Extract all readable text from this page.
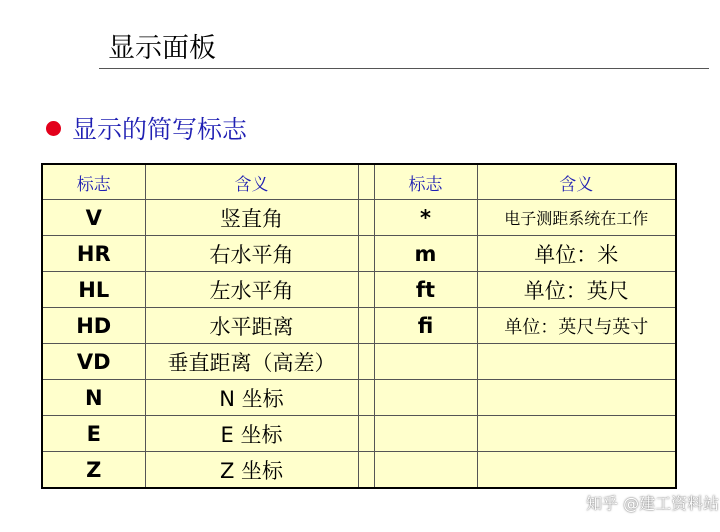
显示面板
显示的简写标志
标志	含义		标志	含义
V	竖直角		*	电子测距系统在工作
HR	右水平角		m	单位：米
HL	左水平角		ft	单位：英尺
HD	水平距离		fi	单位：英尺与英寸
VD	垂直距离（高差）			
N	N 坐标			
E	E 坐标			
Z	Z 坐标			
知乎 @建工资料站
